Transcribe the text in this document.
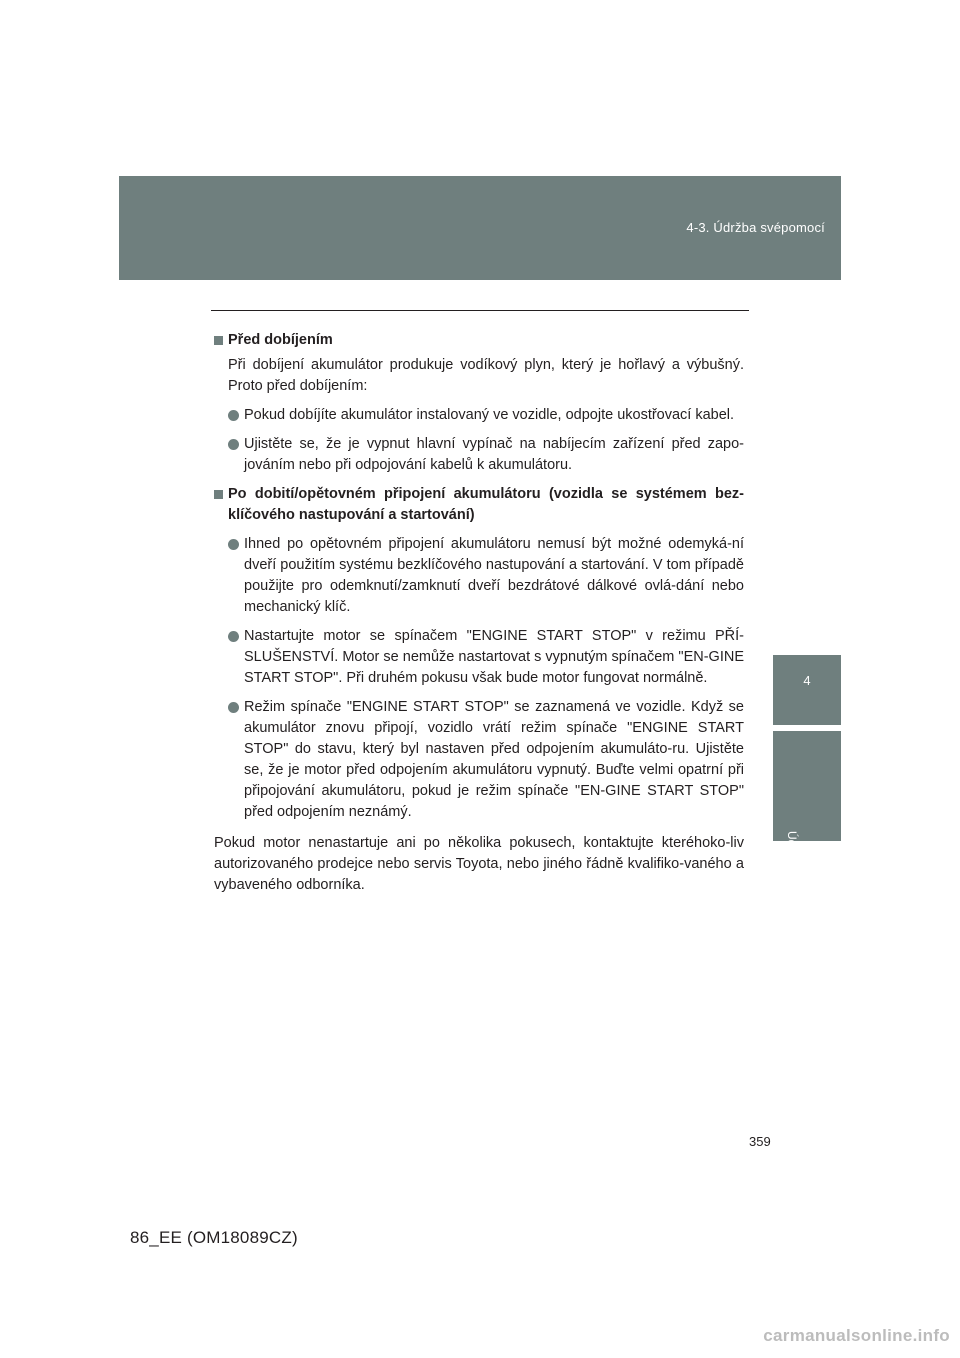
4-3. Údržba svépomocí
4
Údržba a péče
Před dobíjením
Při dobíjení akumulátor produkuje vodíkový plyn, který je hořlavý a výbušný. Proto před dobíjením:
Pokud dobíjíte akumulátor instalovaný ve vozidle, odpojte ukostřovací kabel.
Ujistěte se, že je vypnut hlavní vypínač na nabíjecím zařízení před zapo-jováním nebo při odpojování kabelů k akumulátoru.
Po dobití/opětovném připojení akumulátoru (vozidla se systémem bez-klíčového nastupování a startování)
Ihned po opětovném připojení akumulátoru nemusí být možné odemyká-ní dveří použitím systému bezklíčového nastupování a startování. V tom případě použijte pro odemknutí/zamknutí dveří bezdrátové dálkové ovlá-dání nebo mechanický klíč.
Nastartujte motor se spínačem "ENGINE START STOP" v režimu PŘÍ-SLUŠENSTVÍ. Motor se nemůže nastartovat s vypnutým spínačem "EN-GINE START STOP". Při druhém pokusu však bude motor fungovat normálně.
Režim spínače "ENGINE START STOP" se zaznamená ve vozidle. Když se akumulátor znovu připojí, vozidlo vrátí režim spínače "ENGINE START STOP" do stavu, který byl nastaven před odpojením akumuláto-ru. Ujistěte se, že je motor před odpojením akumulátoru vypnutý. Buďte velmi opatrní při připojování akumulátoru, pokud je režim spínače "EN-GINE START STOP" před odpojením neznámý.
Pokud motor nenastartuje ani po několika pokusech, kontaktujte kteréhoko-liv autorizovaného prodejce nebo servis Toyota, nebo jiného řádně kvalifiko-vaného a vybaveného odborníka.
359
86_EE (OM18089CZ)
carmanualsonline.info
